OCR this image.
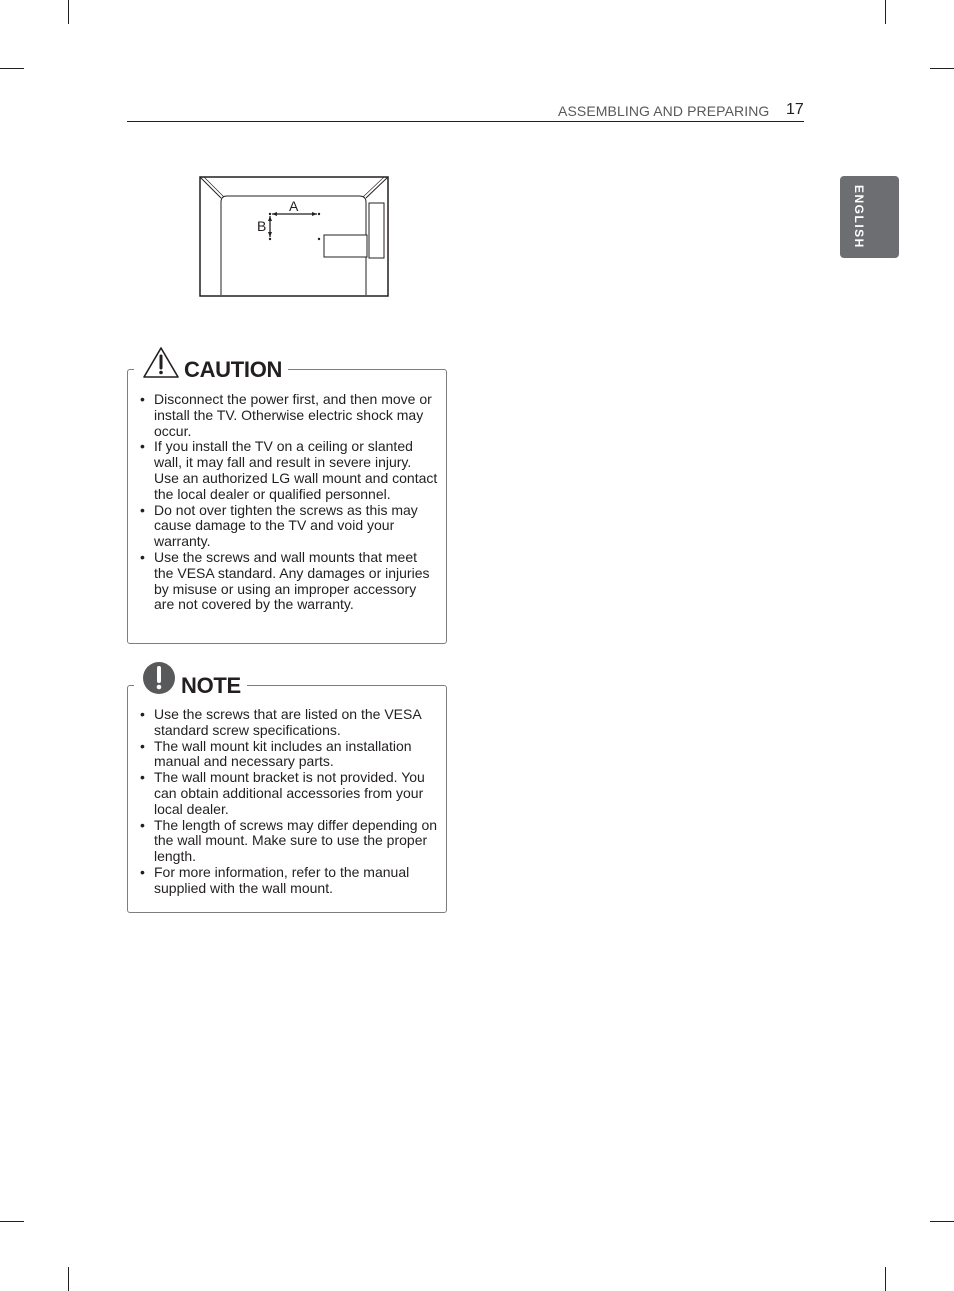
ASSEMBLING AND PREPARING 17
ENGLISH
A
B
CAUTION
• Disconnect the power first, and then move or install the TV. Otherwise electric shock may occur.
• If you install the TV on a ceiling or slanted wall, it may fall and result in severe injury. Use an authorized LG wall mount and contact the local dealer or qualified personnel.
• Do not over tighten the screws as this may cause damage to the TV and void your warranty.
• Use the screws and wall mounts that meet the VESA standard. Any damages or injuries by misuse or using an improper accessory are not covered by the warranty.
NOTE
• Use the screws that are listed on the VESA standard screw specifications.
• The wall mount kit includes an installation manual and necessary parts.
• The wall mount bracket is not provided. You can obtain additional accessories from your local dealer.
• The length of screws may differ depending on the wall mount. Make sure to use the proper length.
• For more information, refer to the manual supplied with the wall mount.
